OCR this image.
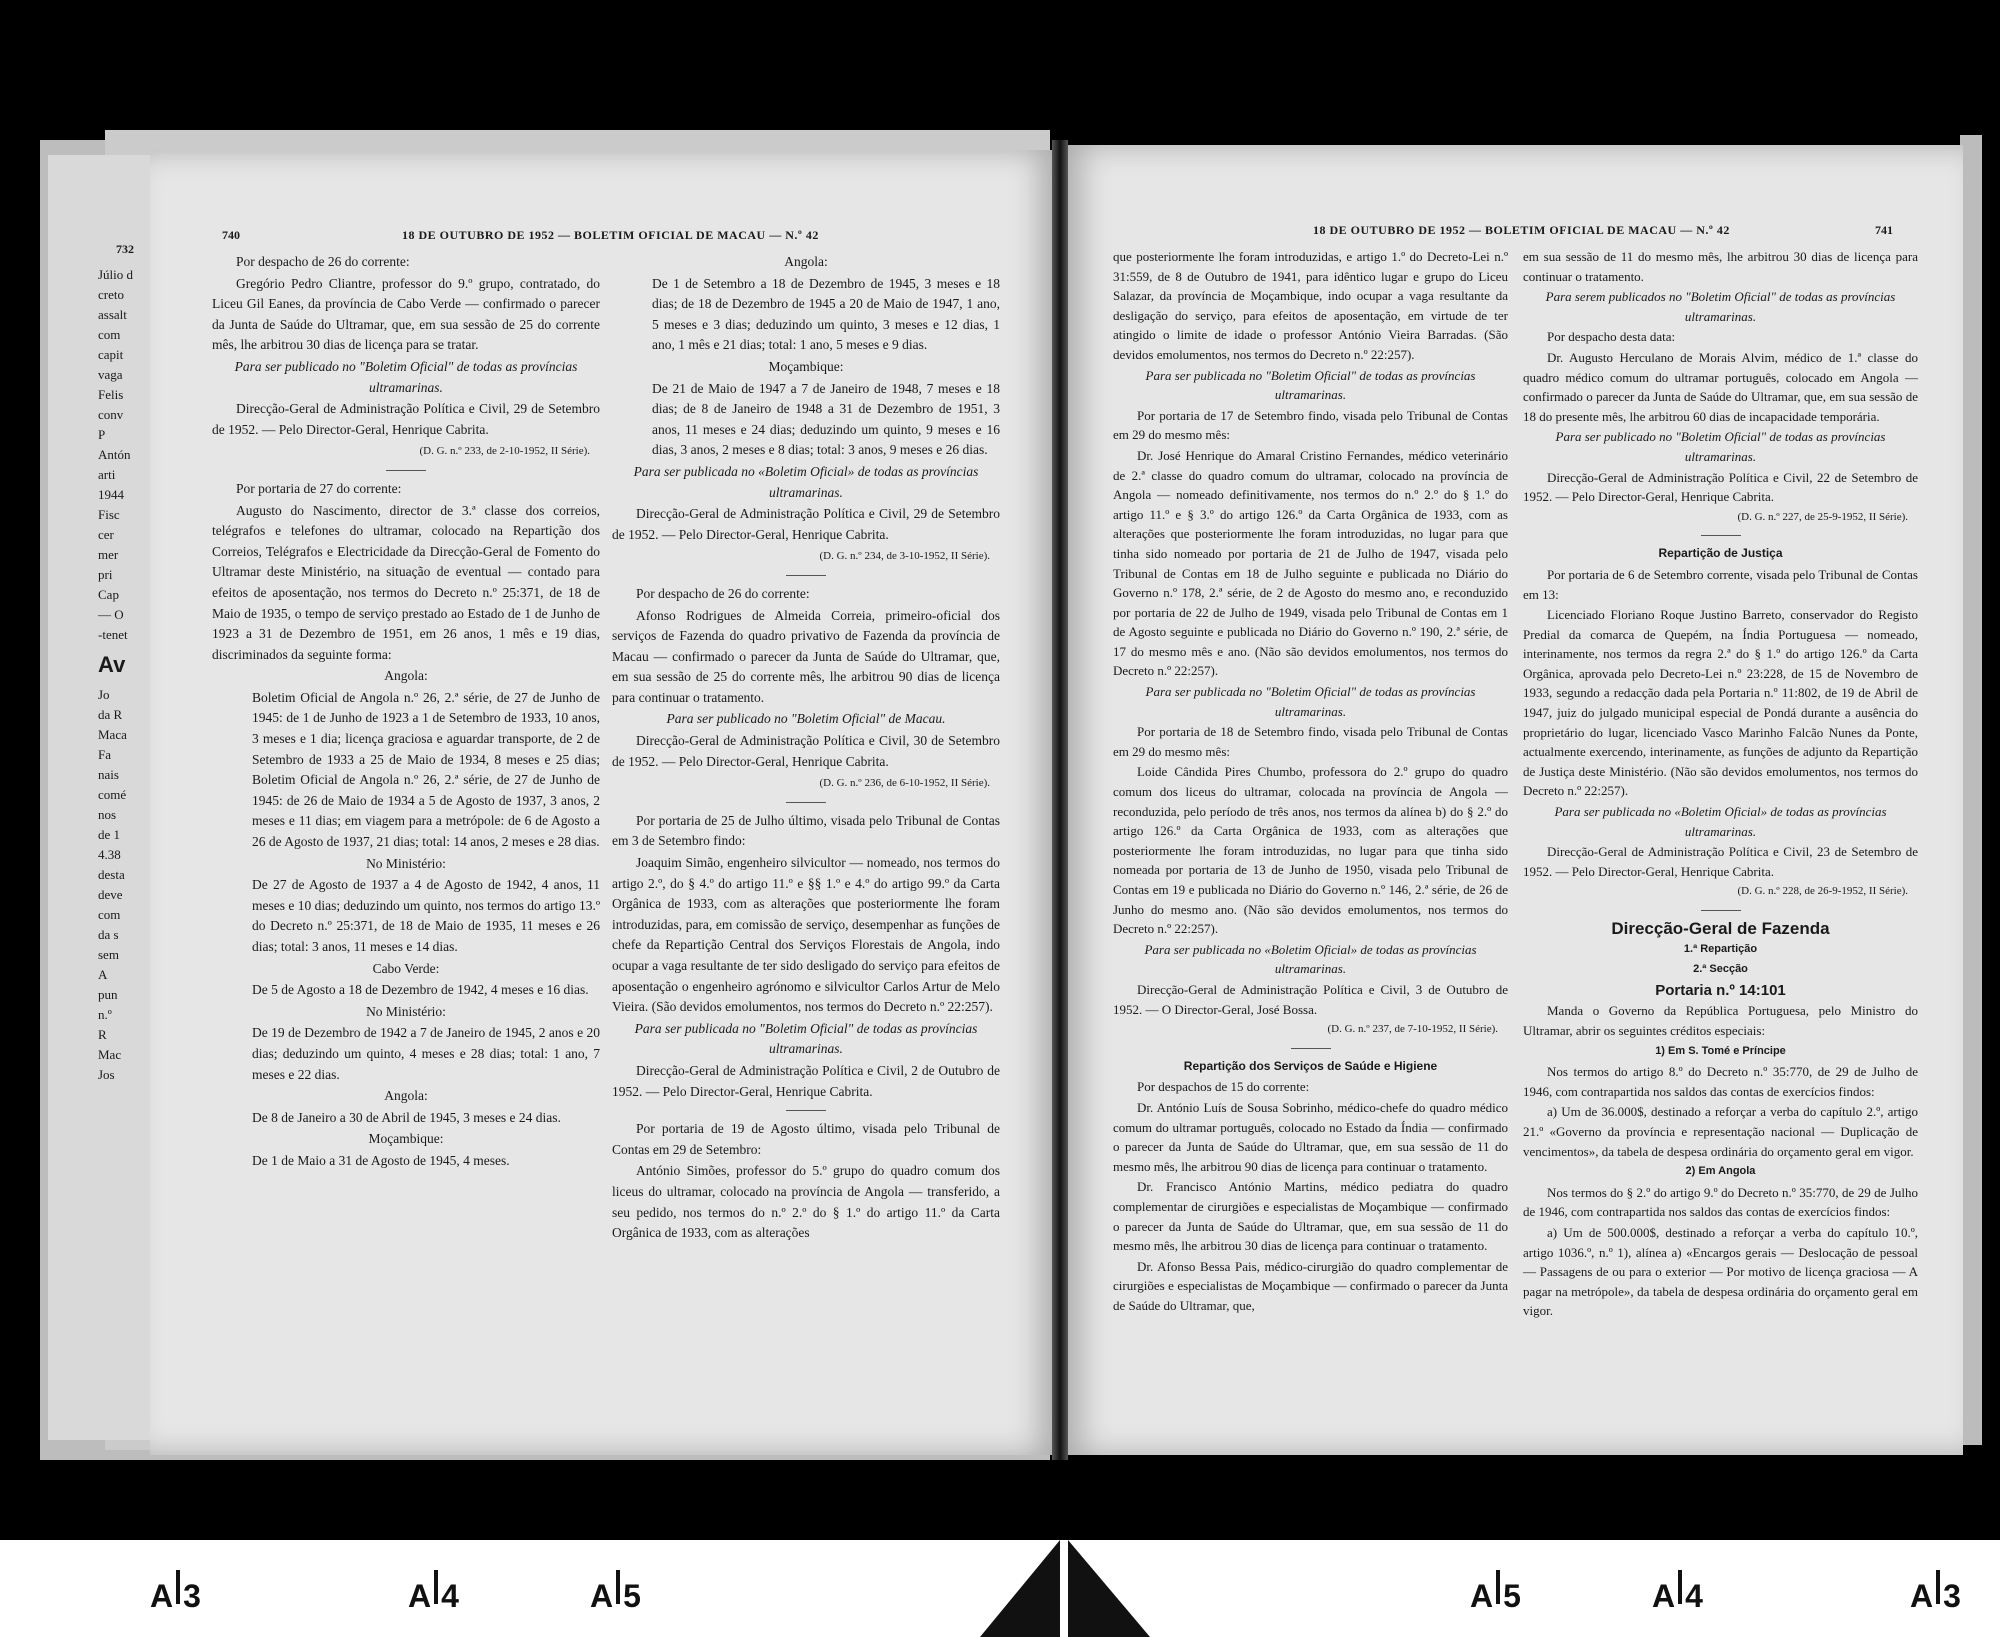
732
Júlio d
creto
assalt
com
capit
vaga
Felis
conv
P
Antón
arti
1944
Fisc
cer
mer
pri
Cap
— O
-tenet
Av
Jo
da R
Maca
Fa
nais
comé
nos
de 1
4.38
desta
deve
com
da s
sem
A
pun
n.º
R
Mac
Jos
740	18 DE OUTUBRO DE 1952 — BOLETIM OFICIAL DE MACAU — N.º 42

Por despacho de 26 do corrente:

Gregório Pedro Cliantre, professor do 9.º grupo, contratado, do Liceu Gil Eanes, da província de Cabo Verde — confirmado o parecer da Junta de Saúde do Ultramar, que, em sua sessão de 25 do corrente mês, lhe arbitrou 30 dias de licença para se tratar.

Para ser publicado no "Boletim Oficial" de todas as províncias ultramarinas.

Direcção-Geral de Administração Política e Civil, 29 de Setembro de 1952. — Pelo Director-Geral, Henrique Cabrita.

(D. G. n.º 233, de 2-10-1952, II Série).

Por portaria de 27 do corrente:

Augusto do Nascimento, director de 3.ª classe dos correios, telégrafos e telefones do ultramar, colocado na Repartição dos Correios, Telégrafos e Electricidade da Direcção-Geral de Fomento do Ultramar deste Ministério, na situação de eventual — contado para efeitos de aposentação, nos termos do Decreto n.º 25:371, de 18 de Maio de 1935, o tempo de serviço prestado ao Estado de 1 de Junho de 1923 a 31 de Dezembro de 1951, em 26 anos, 1 mês e 19 dias, discriminados da seguinte forma:

Angola:

Boletim Oficial de Angola n.º 26, 2.ª série, de 27 de Junho de 1945: de 1 de Junho de 1923 a 1 de Setembro de 1933, 10 anos, 3 meses e 1 dia; licença graciosa e aguardar transporte, de 2 de Setembro de 1933 a 25 de Maio de 1934, 8 meses e 25 dias; Boletim Oficial de Angola n.º 26, 2.ª série, de 27 de Junho de 1945: de 26 de Maio de 1934 a 5 de Agosto de 1937, 3 anos, 2 meses e 11 dias; em viagem para a metrópole: de 6 de Agosto a 26 de Agosto de 1937, 21 dias; total: 14 anos, 2 meses e 28 dias.

No Ministério:

De 27 de Agosto de 1937 a 4 de Agosto de 1942, 4 anos, 11 meses e 10 dias; deduzindo um quinto, nos termos do artigo 13.º do Decreto n.º 25:371, de 18 de Maio de 1935, 11 meses e 26 dias; total: 3 anos, 11 meses e 14 dias.

Cabo Verde:

De 5 de Agosto a 18 de Dezembro de 1942, 4 meses e 16 dias.

No Ministério:

De 19 de Dezembro de 1942 a 7 de Janeiro de 1945, 2 anos e 20 dias; deduzindo um quinto, 4 meses e 28 dias; total: 1 ano, 7 meses e 22 dias.

Angola:

De 8 de Janeiro a 30 de Abril de 1945, 3 meses e 24 dias.

Moçambique:

De 1 de Maio a 31 de Agosto de 1945, 4 meses.

Angola:

De 1 de Setembro a 18 de Dezembro de 1945, 3 meses e 18 dias; de 18 de Dezembro de 1945 a 20 de Maio de 1947, 1 ano, 5 meses e 3 dias; deduzindo um quinto, 3 meses e 12 dias, 1 ano, 1 mês e 21 dias; total: 1 ano, 5 meses e 9 dias.

Moçambique:

De 21 de Maio de 1947 a 7 de Janeiro de 1948, 7 meses e 18 dias; de 8 de Janeiro de 1948 a 31 de Dezembro de 1951, 3 anos, 11 meses e 24 dias; deduzindo um quinto, 9 meses e 16 dias, 3 anos, 2 meses e 8 dias; total: 3 anos, 9 meses e 26 dias.

Para ser publicada no «Boletim Oficial» de todas as províncias ultramarinas.

Direcção-Geral de Administração Política e Civil, 29 de Setembro de 1952. — Pelo Director-Geral, Henrique Cabrita.

(D. G. n.º 234, de 3-10-1952, II Série).

Por despacho de 26 do corrente:

Afonso Rodrigues de Almeida Correia, primeiro-oficial dos serviços de Fazenda do quadro privativo de Fazenda da província de Macau — confirmado o parecer da Junta de Saúde do Ultramar, que, em sua sessão de 25 do corrente mês, lhe arbitrou 90 dias de licença para continuar o tratamento.

Para ser publicado no "Boletim Oficial" de Macau.

Direcção-Geral de Administração Política e Civil, 30 de Setembro de 1952. — Pelo Director-Geral, Henrique Cabrita.

(D. G. n.º 236, de 6-10-1952, II Série).

Por portaria de 25 de Julho último, visada pelo Tribunal de Contas em 3 de Setembro findo:

Joaquim Simão, engenheiro silvicultor — nomeado, nos termos do artigo 2.º, do § 4.º do artigo 11.º e §§ 1.º e 4.º do artigo 99.º da Carta Orgânica de 1933, com as alterações que posteriormente lhe foram introduzidas, para, em comissão de serviço, desempenhar as funções de chefe da Repartição Central dos Serviços Florestais de Angola, indo ocupar a vaga resultante de ter sido desligado do serviço para efeitos de aposentação o engenheiro agrónomo e silvicultor Carlos Artur de Melo Vieira. (São devidos emolumentos, nos termos do Decreto n.º 22:257).

Para ser publicada no "Boletim Oficial" de todas as províncias ultramarinas.

Direcção-Geral de Administração Política e Civil, 2 de Outubro de 1952. — Pelo Director-Geral, Henrique Cabrita.

Por portaria de 19 de Agosto último, visada pelo Tribunal de Contas em 29 de Setembro:

António Simões, professor do 5.º grupo do quadro comum dos liceus do ultramar, colocado na província de Angola — transferido, a seu pedido, nos termos do n.º 2.º do § 1.º do artigo 11.º da Carta Orgânica de 1933, com as alterações

18 DE OUTUBRO DE 1952 — BOLETIM OFICIAL DE MACAU — N.º 42	741

que posteriormente lhe foram introduzidas, e artigo 1.º do Decreto-Lei n.º 31:559, de 8 de Outubro de 1941, para idêntico lugar e grupo do Liceu Salazar, da província de Moçambique, indo ocupar a vaga resultante da desligação do serviço, para efeitos de aposentação, em virtude de ter atingido o limite de idade o professor António Vieira Barradas. (São devidos emolumentos, nos termos do Decreto n.º 22:257).

Para ser publicada no "Boletim Oficial" de todas as províncias ultramarinas.

Por portaria de 17 de Setembro findo, visada pelo Tribunal de Contas em 29 do mesmo mês:

Dr. José Henrique do Amaral Cristino Fernandes, médico veterinário de 2.ª classe do quadro comum do ultramar, colocado na província de Angola — nomeado definitivamente, nos termos do n.º 2.º do § 1.º do artigo 11.º e § 3.º do artigo 126.º da Carta Orgânica de 1933, com as alterações que posteriormente lhe foram introduzidas, no lugar para que tinha sido nomeado por portaria de 21 de Julho de 1947, visada pelo Tribunal de Contas em 18 de Julho seguinte e publicada no Diário do Governo n.º 178, 2.ª série, de 2 de Agosto do mesmo ano, e reconduzido por portaria de 22 de Julho de 1949, visada pelo Tribunal de Contas em 1 de Agosto seguinte e publicada no Diário do Governo n.º 190, 2.ª série, de 17 do mesmo mês e ano. (Não são devidos emolumentos, nos termos do Decreto n.º 22:257).

Para ser publicada no "Boletim Oficial" de todas as províncias ultramarinas.

Por portaria de 18 de Setembro findo, visada pelo Tribunal de Contas em 29 do mesmo mês:

Loide Cândida Pires Chumbo, professora do 2.º grupo do quadro comum dos liceus do ultramar, colocada na província de Angola — reconduzida, pelo período de três anos, nos termos da alínea b) do § 2.º do artigo 126.º da Carta Orgânica de 1933, com as alterações que posteriormente lhe foram introduzidas, no lugar para que tinha sido nomeada por portaria de 13 de Junho de 1950, visada pelo Tribunal de Contas em 19 e publicada no Diário do Governo n.º 146, 2.ª série, de 26 de Junho do mesmo ano. (Não são devidos emolumentos, nos termos do Decreto n.º 22:257).

Para ser publicada no «Boletim Oficial» de todas as províncias ultramarinas.

Direcção-Geral de Administração Política e Civil, 3 de Outubro de 1952. — O Director-Geral, José Bossa.

(D. G. n.º 237, de 7-10-1952, II Série).

Repartição dos Serviços de Saúde e Higiene

Por despachos de 15 do corrente:

Dr. António Luís de Sousa Sobrinho, médico-chefe do quadro médico comum do ultramar português, colocado no Estado da Índia — confirmado o parecer da Junta de Saúde do Ultramar, que, em sua sessão de 11 do mesmo mês, lhe arbitrou 90 dias de licença para continuar o tratamento.

Dr. Francisco António Martins, médico pediatra do quadro complementar de cirurgiões e especialistas de Moçambique — confirmado o parecer da Junta de Saúde do Ultramar, que, em sua sessão de 11 do mesmo mês, lhe arbitrou 30 dias de licença para continuar o tratamento.

Dr. Afonso Bessa Pais, médico-cirurgião do quadro complementar de cirurgiões e especialistas de Moçambique — confirmado o parecer da Junta de Saúde do Ultramar, que,

em sua sessão de 11 do mesmo mês, lhe arbitrou 30 dias de licença para continuar o tratamento.

Para serem publicados no "Boletim Oficial" de todas as províncias ultramarinas.

Por despacho desta data:

Dr. Augusto Herculano de Morais Alvim, médico de 1.ª classe do quadro médico comum do ultramar português, colocado em Angola — confirmado o parecer da Junta de Saúde do Ultramar, que, em sua sessão de 18 do presente mês, lhe arbitrou 60 dias de incapacidade temporária.

Para ser publicado no "Boletim Oficial" de todas as províncias ultramarinas.

Direcção-Geral de Administração Política e Civil, 22 de Setembro de 1952. — Pelo Director-Geral, Henrique Cabrita.

(D. G. n.º 227, de 25-9-1952, II Série).

Repartição de Justiça

Por portaria de 6 de Setembro corrente, visada pelo Tribunal de Contas em 13:

Licenciado Floriano Roque Justino Barreto, conservador do Registo Predial da comarca de Quepém, na Índia Portuguesa — nomeado, interinamente, nos termos da regra 2.ª do § 1.º do artigo 126.º da Carta Orgânica, aprovada pelo Decreto-Lei n.º 23:228, de 15 de Novembro de 1933, segundo a redacção dada pela Portaria n.º 11:802, de 19 de Abril de 1947, juiz do julgado municipal especial de Pondá durante a ausência do proprietário do lugar, licenciado Vasco Marinho Falcão Nunes da Ponte, actualmente exercendo, interinamente, as funções de adjunto da Repartição de Justiça deste Ministério. (Não são devidos emolumentos, nos termos do Decreto n.º 22:257).

Para ser publicada no «Boletim Oficial» de todas as províncias ultramarinas.

Direcção-Geral de Administração Política e Civil, 23 de Setembro de 1952. — Pelo Director-Geral, Henrique Cabrita.

(D. G. n.º 228, de 26-9-1952, II Série).

Direcção-Geral de Fazenda

1.ª Repartição

2.ª Secção

Portaria n.º 14:101

Manda o Governo da República Portuguesa, pelo Ministro do Ultramar, abrir os seguintes créditos especiais:

1) Em S. Tomé e Príncipe

Nos termos do artigo 8.º do Decreto n.º 35:770, de 29 de Julho de 1946, com contrapartida nos saldos das contas de exercícios findos:

a) Um de 36.000$, destinado a reforçar a verba do capítulo 2.º, artigo 21.º «Governo da província e representação nacional — Duplicação de vencimentos», da tabela de despesa ordinária do orçamento geral em vigor.

2) Em Angola

Nos termos do § 2.º do artigo 9.º do Decreto n.º 35:770, de 29 de Julho de 1946, com contrapartida nos saldos das contas de exercícios findos:

a) Um de 500.000$, destinado a reforçar a verba do capítulo 10.º, artigo 1036.º, n.º 1), alínea a) «Encargos gerais — Deslocação de pessoal — Passagens de ou para o exterior — Por motivo de licença graciosa — A pagar na metrópole», da tabela de despesa ordinária do orçamento geral em vigor.

A 3	A 4	A 5	A 5	A 4	A 3
